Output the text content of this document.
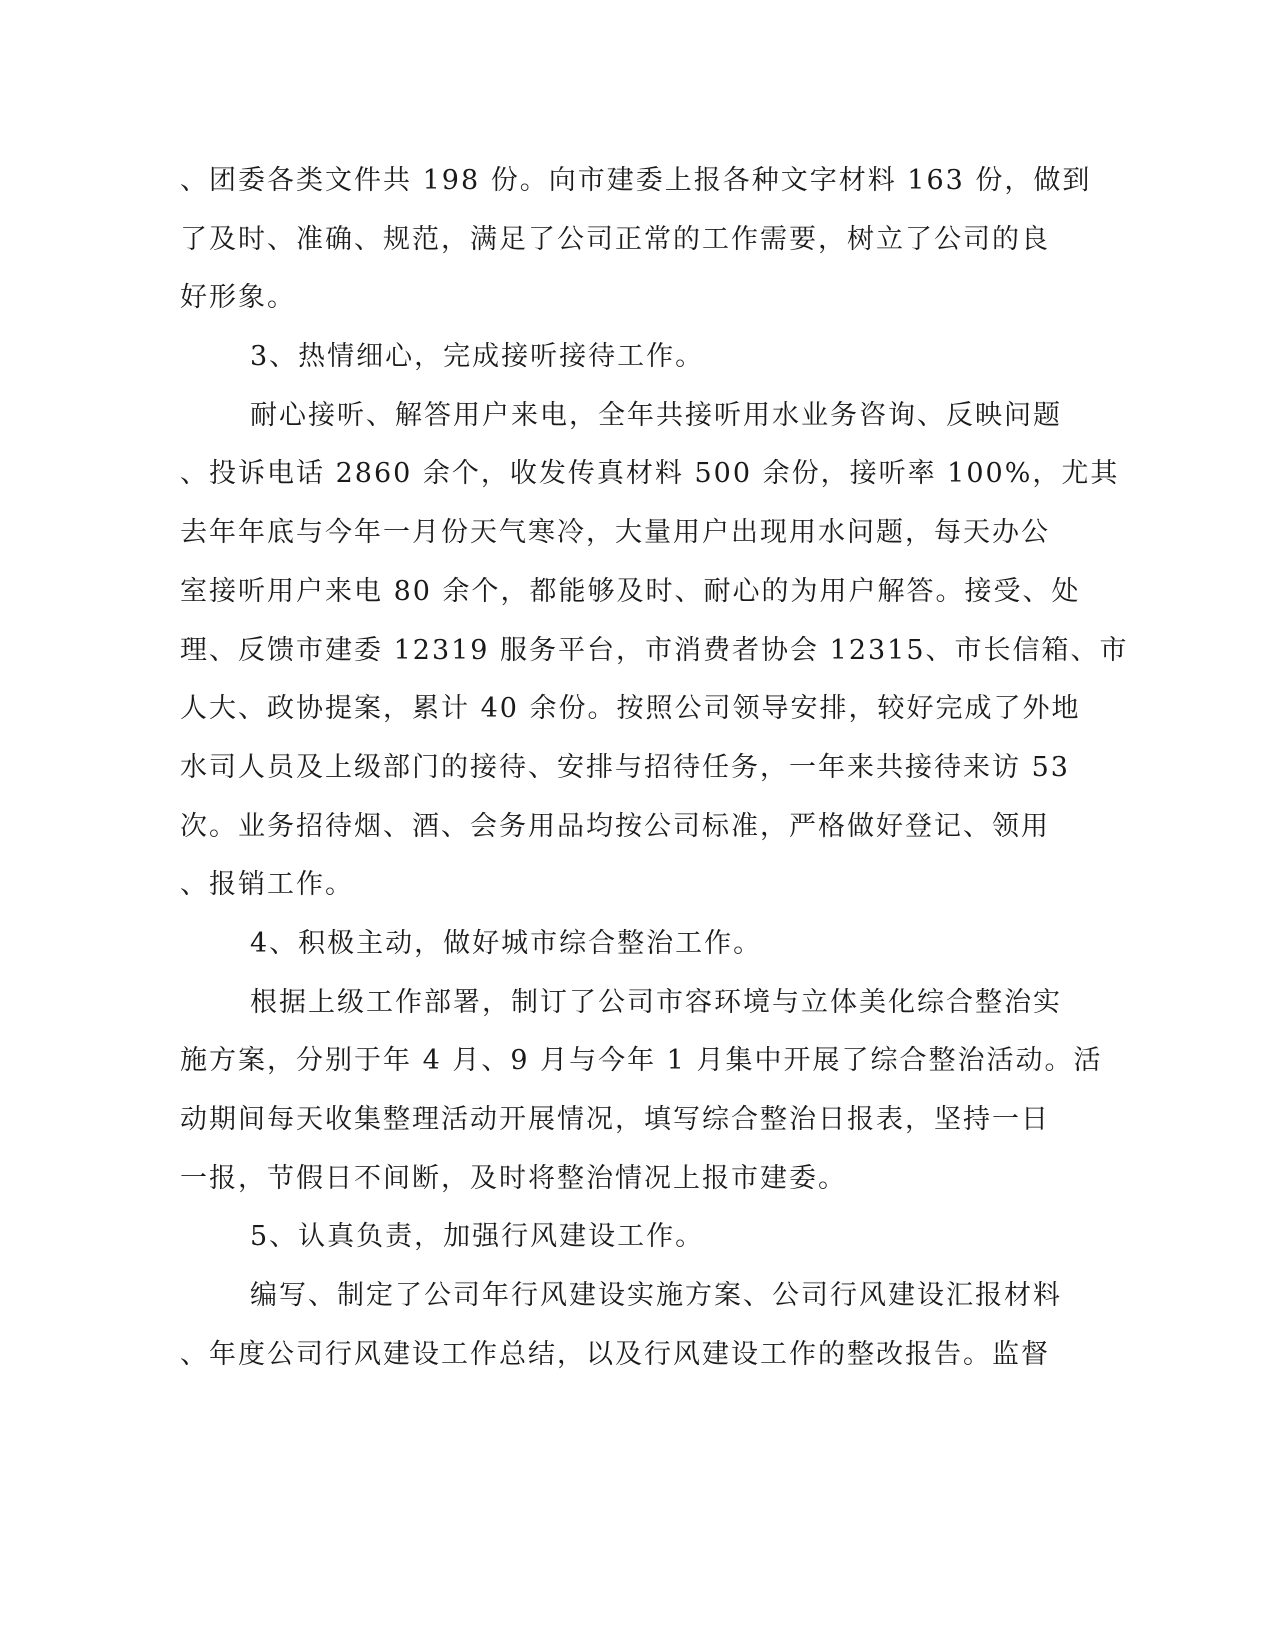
、团委各类文件共 198 份。向市建委上报各种文字材料 163 份，做到
了及时、准确、规范，满足了公司正常的工作需要，树立了公司的良
好形象。
3、热情细心，完成接听接待工作。
耐心接听、解答用户来电，全年共接听用水业务咨询、反映问题
、投诉电话 2860 余个，收发传真材料 500 余份，接听率 100%，尤其
去年年底与今年一月份天气寒冷，大量用户出现用水问题，每天办公
室接听用户来电 80 余个，都能够及时、耐心的为用户解答。接受、处
理、反馈市建委 12319 服务平台，市消费者协会 12315、市长信箱、市
人大、政协提案，累计 40 余份。按照公司领导安排，较好完成了外地
水司人员及上级部门的接待、安排与招待任务，一年来共接待来访 53
次。业务招待烟、酒、会务用品均按公司标准，严格做好登记、领用
、报销工作。
4、积极主动，做好城市综合整治工作。
根据上级工作部署，制订了公司市容环境与立体美化综合整治实
施方案，分别于年 4 月、9 月与今年 1 月集中开展了综合整治活动。活
动期间每天收集整理活动开展情况，填写综合整治日报表，坚持一日
一报，节假日不间断，及时将整治情况上报市建委。
5、认真负责，加强行风建设工作。
编写、制定了公司年行风建设实施方案、公司行风建设汇报材料
、年度公司行风建设工作总结，以及行风建设工作的整改报告。监督
